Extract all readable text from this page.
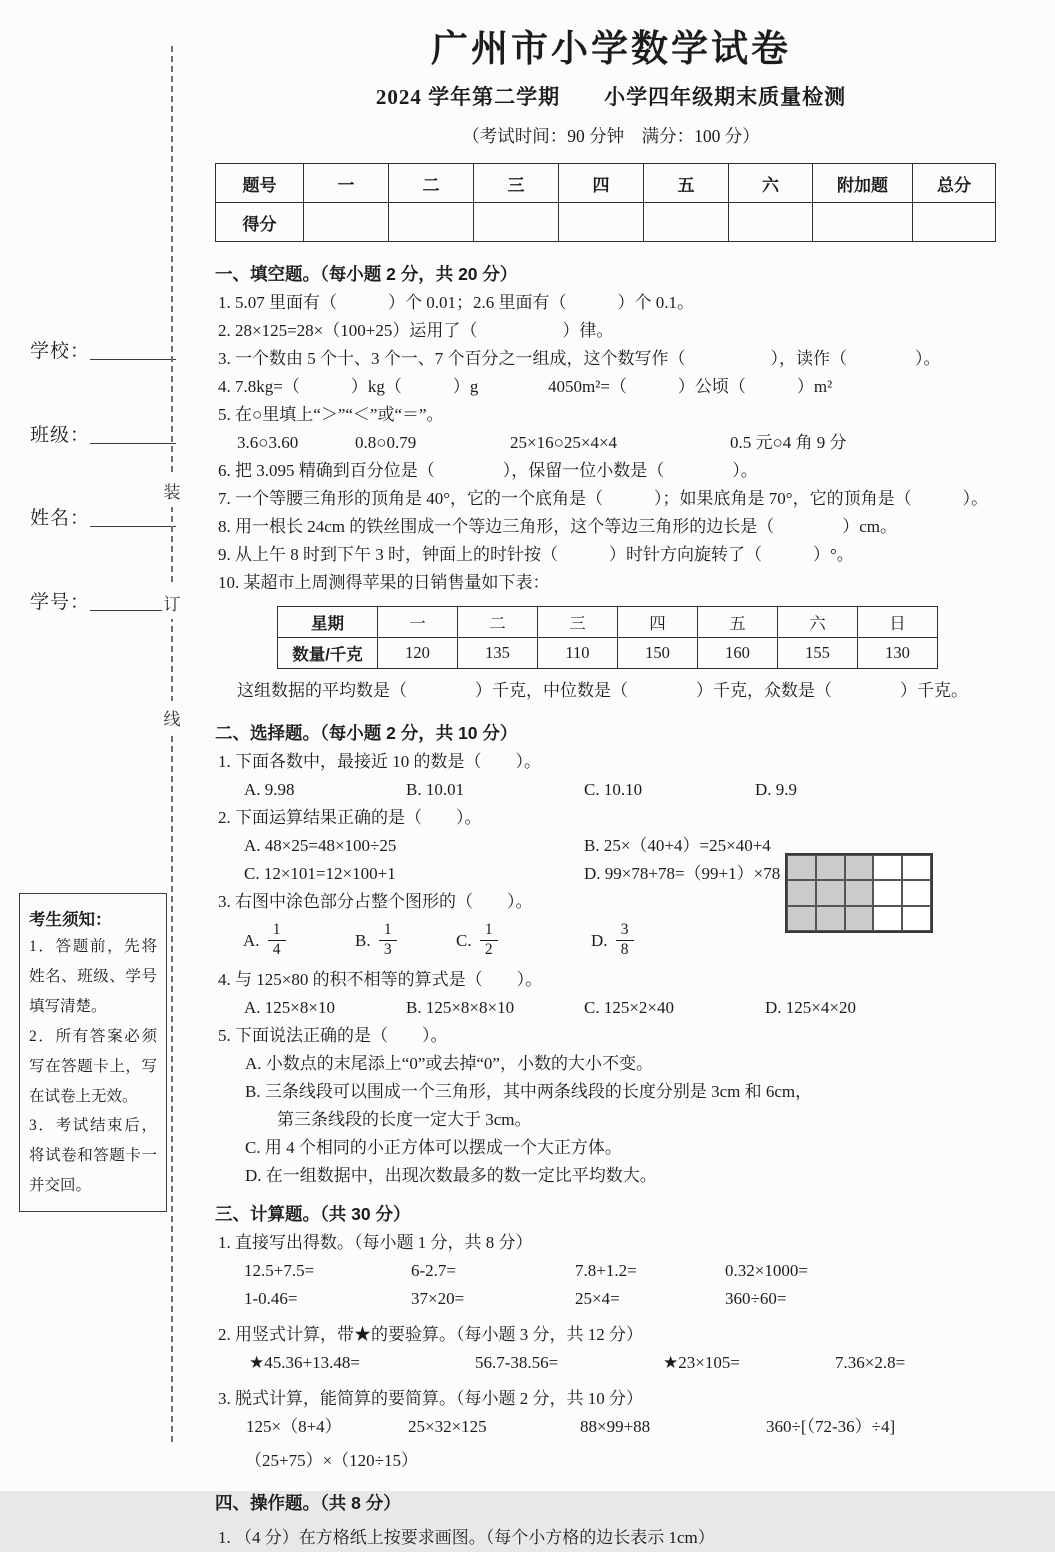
学校：
班级：
姓名：
学号：
装
订
线
考生须知：
1．答题前，先将姓名、班级、学号填写清楚。
2．所有答案必须写在答题卡上，写在试卷上无效。
3．考试结束后，将试卷和答题卡一并交回。
广州市小学数学试卷
2024 学年第二学期　　小学四年级期末质量检测
（考试时间：90 分钟　满分：100 分）
题号	一	二	三	四	五	六	附加题	总分
得分								
一、填空题。（每小题 2 分，共 20 分）
1. 5.07 里面有（　　　）个 0.01；2.6 里面有（　　　）个 0.1。
2. 28×125=28×（100+25）运用了（　　　　　）律。
3. 一个数由 5 个十、3 个一、7 个百分之一组成，这个数写作（　　　　　），读作（　　　　）。
4. 7.8kg=（　　　）kg（　　　）g	4050m²=（　　　）公顷（　　　）m²
5. 在○里填上“＞”“＜”或“＝”。
3.6○3.60	0.8○0.79	25×16○25×4×4	0.5 元○4 角 9 分
6. 把 3.095 精确到百分位是（　　　　），保留一位小数是（　　　　）。
7. 一个等腰三角形的顶角是 40°，它的一个底角是（　　　）；如果底角是 70°，它的顶角是（　　　）。
8. 用一根长 24cm 的铁丝围成一个等边三角形，这个等边三角形的边长是（　　　　）cm。
9. 从上午 8 时到下午 3 时，钟面上的时针按（　　　）时针方向旋转了（　　　）°。
10. 某超市上周测得苹果的日销售量如下表：
星期	一	二	三	四	五	六	日
数量/千克	120	135	110	150	160	155	130
这组数据的平均数是（　　　　）千克，中位数是（　　　　）千克，众数是（　　　　）千克。
二、选择题。（每小题 2 分，共 10 分）
1. 下面各数中，最接近 10 的数是（　　）。
A. 9.98	B. 10.01	C. 10.10	D. 9.9
2. 下面运算结果正确的是（　　）。
A. 48×25=48×100÷25	B. 25×（40+4）=25×40+4
C. 12×101=12×100+1	D. 99×78+78=（99+1）×78
3. 右图中涂色部分占整个图形的（　　）。
A. $\frac{1}{4}$	B. $\frac{1}{3}$	C. $\frac{1}{2}$	D. $\frac{3}{8}$
4. 与 125×80 的积不相等的算式是（　　）。
A. 125×8×10	B. 125×8×8×10	C. 125×2×40	D. 125×4×20
5. 下面说法正确的是（　　）。
A. 小数点的末尾添上“0”或去掉“0”，小数的大小不变。
B. 三条线段可以围成一个三角形，其中两条线段的长度分别是 3cm 和 6cm，
第三条线段的长度一定大于 3cm。
C. 用 4 个相同的小正方体可以摆成一个大正方体。
D. 在一组数据中，出现次数最多的数一定比平均数大。
三、计算题。（共 30 分）
1. 直接写出得数。（每小题 1 分，共 8 分）
12.5+7.5=	6-2.7=	7.8+1.2=	0.32×1000=
1-0.46=	37×20=	25×4=	360÷60=
2. 用竖式计算，带★的要验算。（每小题 3 分，共 12 分）
★45.36+13.48=	56.7-38.56=	★23×105=	7.36×2.8=
3. 脱式计算，能简算的要简算。（每小题 2 分，共 10 分）
125×（8+4）	25×32×125	88×99+88	360÷[（72-36）÷4]
（25+75）×（120÷15）
四、操作题。（共 8 分）
1. （4 分）在方格纸上按要求画图。（每个小方格的边长表示 1cm）
